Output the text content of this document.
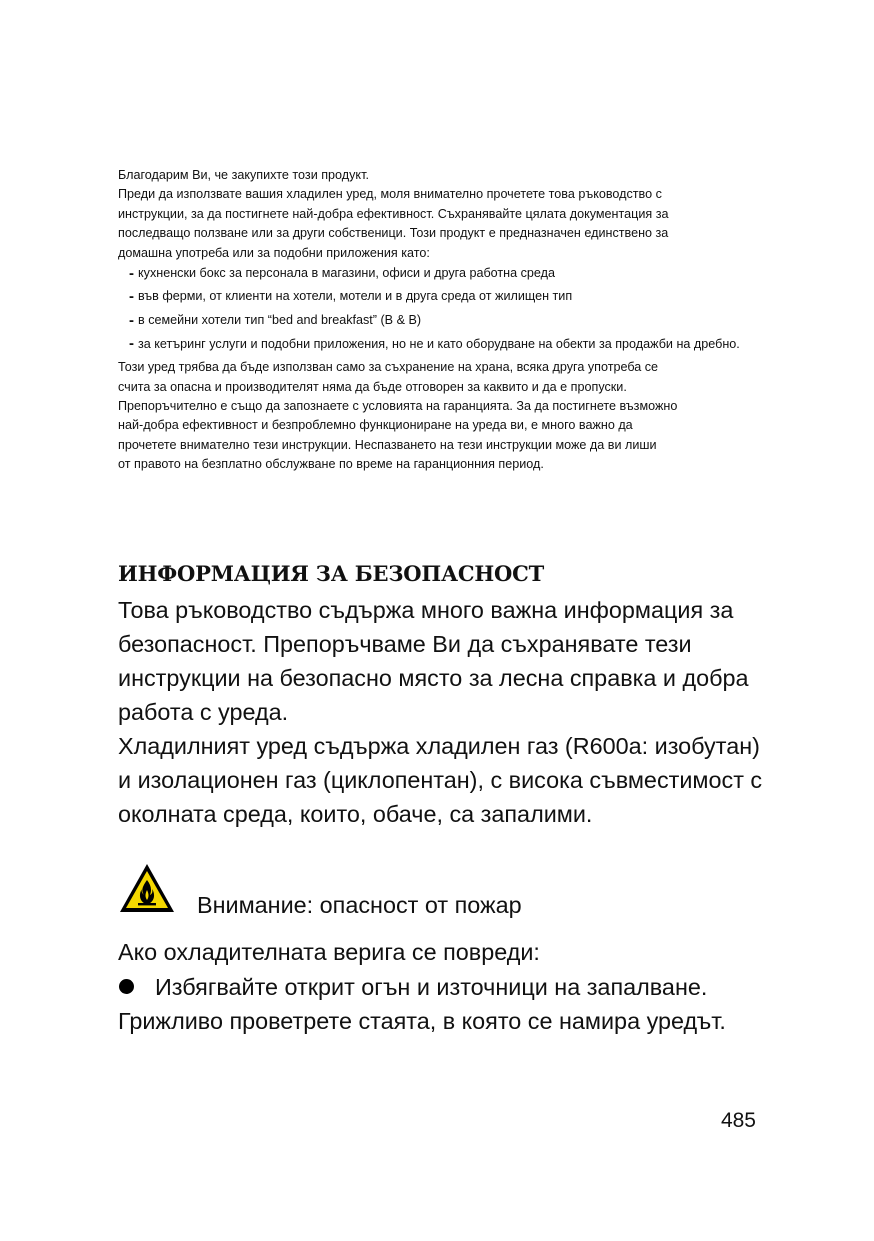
Благодарим Ви, че закупихте този продукт.

Преди да използвате вашия хладилен уред, моля внимателно прочетете това ръководство с

инструкции, за да постигнете най-добра ефективност. Съхранявайте цялата документация за

последващо ползване или за други собственици. Този продукт е предназначен единствено за

домашна употреба или за подобни приложения като:

- кухненски бокс за персонала в магазини, офиси и друга работна среда
- във ферми, от клиенти на хотели, мотели и в друга среда от жилищен тип
- в семейни хотели тип “bed and breakfast” (B & B)
- за кетъринг услуги и подобни приложения, но не и като оборудване на обекти за продажби на дребно.

Този уред трябва да бъде използван само за съхранение на храна, всяка друга употреба се

счита за опасна и производителят няма да бъде отговорен за каквито и да е пропуски.

Препоръчително е също да запознаете с условията на гаранцията. За да постигнете възможно

най-добра ефективност и безпроблемно функциониране на уреда ви, е много важно да

прочетете внимателно тези инструкции. Неспазването на тези инструкции може да ви лиши

от правото на безплатно обслужване по време на гаранционния период.

ИНФОРМАЦИЯ ЗА БЕЗОПАСНОСТ

Това ръководство съдържа много важна информация за безопасност. Препоръчваме Ви да съхранявате тези инструкции на безопасно място за лесна справка и добра работа с уреда.

Хладилният уред съдържа хладилен газ (R600a: изобутан) и изолационен газ (циклопентан), с висока съвместимост с околната среда, които, обаче, са запалими.

Внимание: опасност от пожар

Ако охладителната верига се повреди:

Избягвайте открит огън и източници на запалване.

Грижливо проветрете стаята, в която се намира уредът.

485
